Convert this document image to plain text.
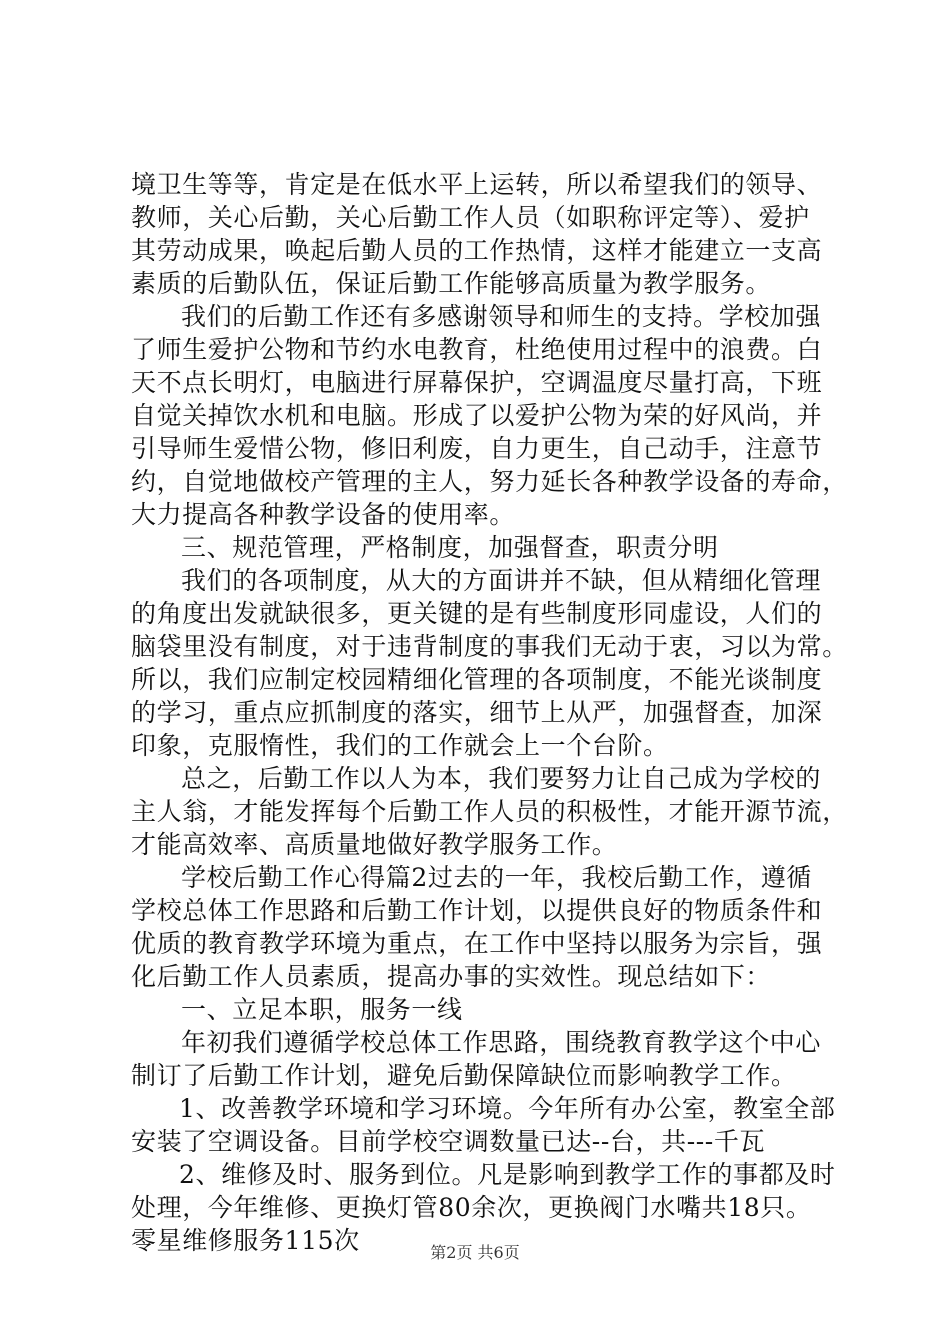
境卫生等等，肯定是在低水平上运转，所以希望我们的领导、
教师，关心后勤，关心后勤工作人员（如职称评定等）、爱护
其劳动成果，唤起后勤人员的工作热情，这样才能建立一支高
素质的后勤队伍，保证后勤工作能够高质量为教学服务。
我们的后勤工作还有多感谢领导和师生的支持。学校加强
了师生爱护公物和节约水电教育，杜绝使用过程中的浪费。白
天不点长明灯，电脑进行屏幕保护，空调温度尽量打高，下班
自觉关掉饮水机和电脑。形成了以爱护公物为荣的好风尚，并
引导师生爱惜公物，修旧利废，自力更生，自己动手，注意节
约，自觉地做校产管理的主人，努力延长各种教学设备的寿命，
大力提高各种教学设备的使用率。
三、规范管理，严格制度，加强督查，职责分明
我们的各项制度，从大的方面讲并不缺，但从精细化管理
的角度出发就缺很多，更关键的是有些制度形同虚设，人们的
脑袋里没有制度，对于违背制度的事我们无动于衷，习以为常。
所以，我们应制定校园精细化管理的各项制度，不能光谈制度
的学习，重点应抓制度的落实，细节上从严，加强督查，加深
印象，克服惰性，我们的工作就会上一个台阶。
总之，后勤工作以人为本，我们要努力让自己成为学校的
主人翁，才能发挥每个后勤工作人员的积极性，才能开源节流，
才能高效率、高质量地做好教学服务工作。
学校后勤工作心得篇2过去的一年，我校后勤工作，遵循
学校总体工作思路和后勤工作计划，以提供良好的物质条件和
优质的教育教学环境为重点，在工作中坚持以服务为宗旨，强
化后勤工作人员素质，提高办事的实效性。现总结如下：
一、立足本职，服务一线
年初我们遵循学校总体工作思路，围绕教育教学这个中心
制订了后勤工作计划，避免后勤保障缺位而影响教学工作。
1、改善教学环境和学习环境。今年所有办公室，教室全部
安装了空调设备。目前学校空调数量已达--台，共---千瓦
2、维修及时、服务到位。凡是影响到教学工作的事都及时
处理，今年维修、更换灯管80余次，更换阀门水嘴共18只。
零星维修服务115次	第2页 共6页
